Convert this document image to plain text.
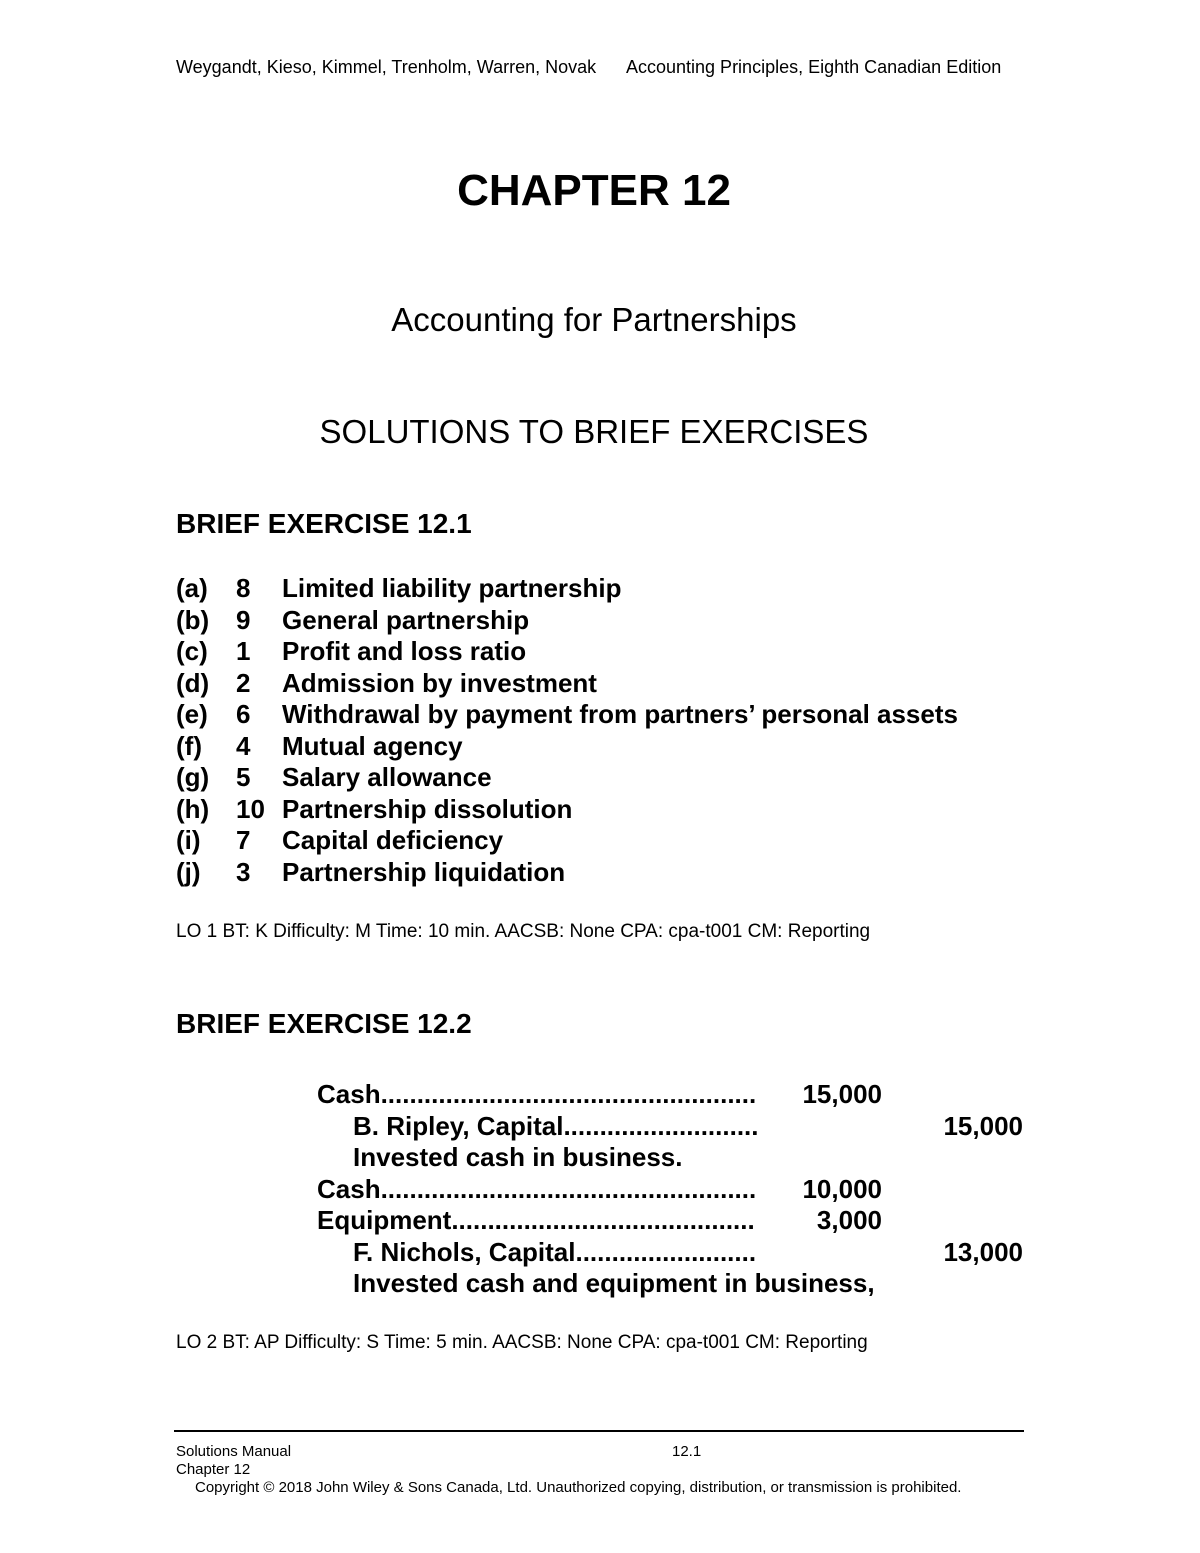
Weygandt, Kieso, Kimmel, Trenholm, Warren, Novak Accounting Principles, Eighth Canadian Edition
CHAPTER 12
Accounting for Partnerships
SOLUTIONS TO BRIEF EXERCISES
BRIEF EXERCISE 12.1
(a)	8	Limited liability partnership
(b)	9	General partnership
(c)	1	Profit and loss ratio
(d)	2	Admission by investment
(e)	6	Withdrawal by payment from partners’ personal assets
(f)	4	Mutual agency
(g)	5	Salary allowance
(h)	10 Partnership dissolution
(i)	7	Capital deficiency
(j)	3	Partnership liquidation
LO 1 BT: K Difficulty: M Time: 10 min. AACSB: None CPA: cpa-t001 CM: Reporting
BRIEF EXERCISE 12.2
Cash.................................................... 15,000
B. Ripley, Capital...........................	15,000
Invested cash in business.
Cash.................................................... 10,000
Equipment.......................................... 3,000
F. Nichols, Capital.........................	13,000
Invested cash and equipment in business,
LO 2 BT: AP Difficulty: S Time: 5 min. AACSB: None CPA: cpa-t001 CM: Reporting
Solutions Manual	12.1
Chapter 12
Copyright © 2018 John Wiley & Sons Canada, Ltd. Unauthorized copying, distribution, or transmission is prohibited.
